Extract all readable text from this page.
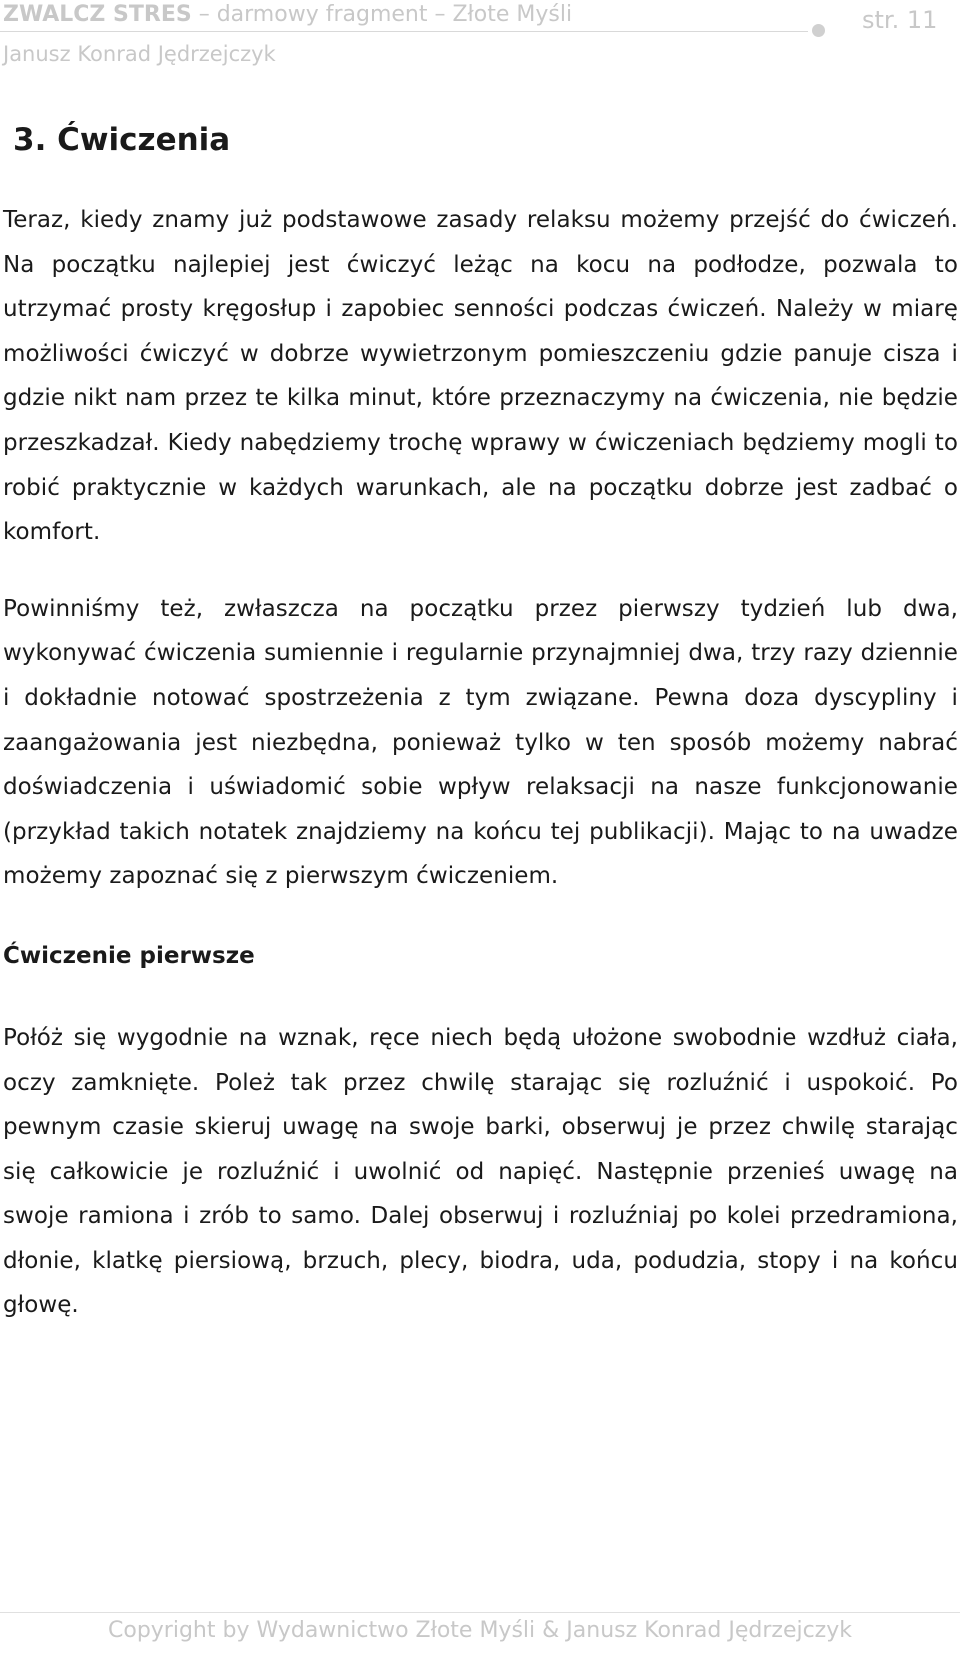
ZWALCZ STRES – darmowy fragment – Złote Myśli	str. 11
Janusz Konrad Jędrzejczyk
3. Ćwiczenia

Teraz, kiedy znamy już podstawowe zasady relaksu możemy przejść do ćwiczeń. Na początku najlepiej jest ćwiczyć leżąc na kocu na podłodze, pozwala to utrzymać prosty kręgosłup i zapobiec senności podczas ćwiczeń. Należy w miarę możliwości ćwiczyć w dobrze wywietrzonym pomieszczeniu gdzie panuje cisza i gdzie nikt nam przez te kilka minut, które przeznaczymy na ćwiczenia, nie będzie przeszkadzał. Kiedy nabędziemy trochę wprawy w ćwiczeniach będziemy mogli to robić praktycznie w każdych warunkach, ale na początku dobrze jest zadbać o komfort.

Powinniśmy też, zwłaszcza na początku przez pierwszy tydzień lub dwa, wykonywać ćwiczenia sumiennie i regularnie przynajmniej dwa, trzy razy dziennie i dokładnie notować spostrzeżenia z tym związane. Pewna doza dyscypliny i zaangażowania jest niezbędna, ponieważ tylko w ten sposób możemy nabrać doświadczenia i uświadomić sobie wpływ relaksacji na nasze funkcjonowanie (przykład takich notatek znajdziemy na końcu tej publikacji). Mając to na uwadze możemy zapoznać się z pierwszym ćwiczeniem.

Ćwiczenie pierwsze

Połóż się wygodnie na wznak, ręce niech będą ułożone swobodnie wzdłuż ciała, oczy zamknięte. Poleż tak przez chwilę starając się rozluźnić i uspokoić. Po pewnym czasie skieruj uwagę na swoje barki, obserwuj je przez chwilę starając się całkowicie je rozluźnić i uwolnić od napięć. Następnie przenieś uwagę na swoje ramiona i zrób to samo. Dalej obserwuj i rozluźniaj po kolei przedramiona, dłonie, klatkę piersiową, brzuch, plecy, biodra, uda, podudzia, stopy i na końcu głowę.

Copyright by Wydawnictwo Złote Myśli & Janusz Konrad Jędrzejczyk
